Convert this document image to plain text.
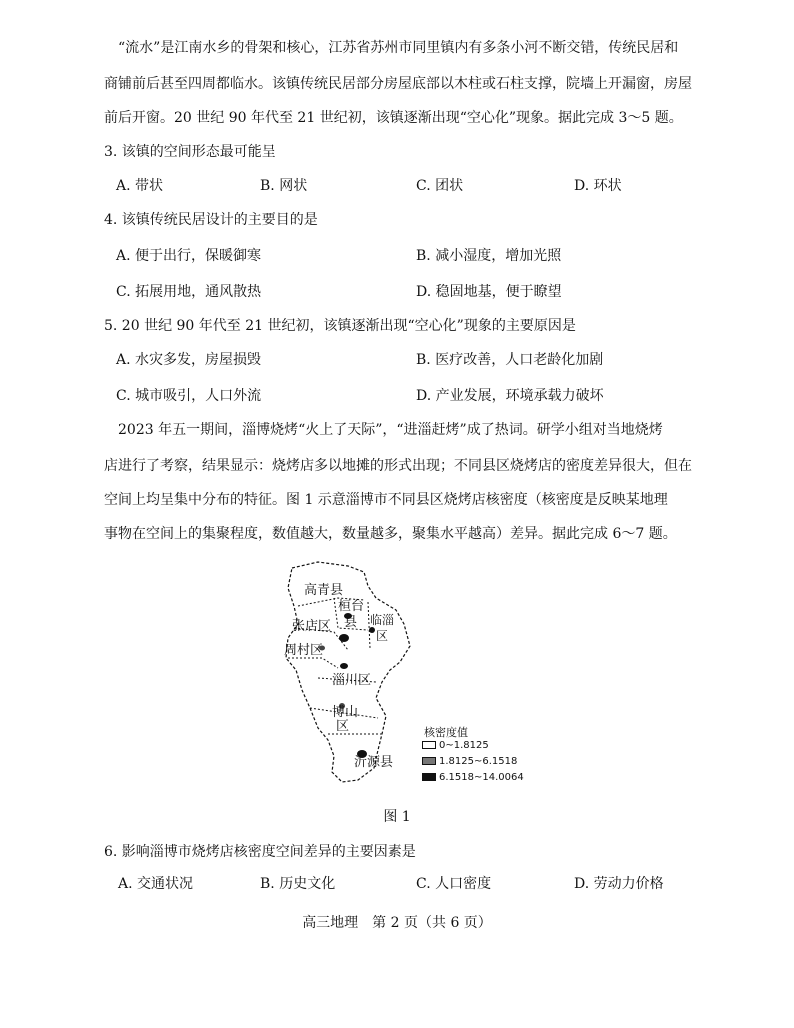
“流水”是江南水乡的骨架和核心，江苏省苏州市同里镇内有多条小河不断交错，传统民居和
商铺前后甚至四周都临水。该镇传统民居部分房屋底部以木柱或石柱支撑，院墙上开漏窗，房屋
前后开窗。20 世纪 90 年代至 21 世纪初，该镇逐渐出现“空心化”现象。据此完成 3～5 题。
3. 该镇的空间形态最可能呈
A. 带状	B. 网状	C. 团状	D. 环状
4. 该镇传统民居设计的主要目的是
A. 便于出行，保暖御寒	B. 减小湿度，增加光照
C. 拓展用地，通风散热	D. 稳固地基，便于瞭望
5. 20 世纪 90 年代至 21 世纪初，该镇逐渐出现“空心化”现象的主要原因是
A. 水灾多发，房屋损毁	B. 医疗改善，人口老龄化加剧
C. 城市吸引，人口外流	D. 产业发展，环境承载力破坏
2023 年五一期间，淄博烧烤“火上了天际”，“进淄赶烤”成了热词。研学小组对当地烧烤
店进行了考察，结果显示：烧烤店多以地摊的形式出现；不同县区烧烤店的密度差异很大，但在
空间上均呈集中分布的特征。图 1 示意淄博市不同县区烧烤店核密度（核密度是反映某地理
事物在空间上的集聚程度，数值越大，数量越多，聚集水平越高）差异。据此完成 6～7 题。
高青县
桓台
县 临淄
区
张店区
周村区
淄川区
博山
区
沂源县
核密度值
0~1.8125
1.8125~6.1518
6.1518~14.0064
图 1
6. 影响淄博市烧烤店核密度空间差异的主要因素是
A. 交通状况	B. 历史文化	C. 人口密度	D. 劳动力价格
高三地理　第 2 页（共 6 页）
